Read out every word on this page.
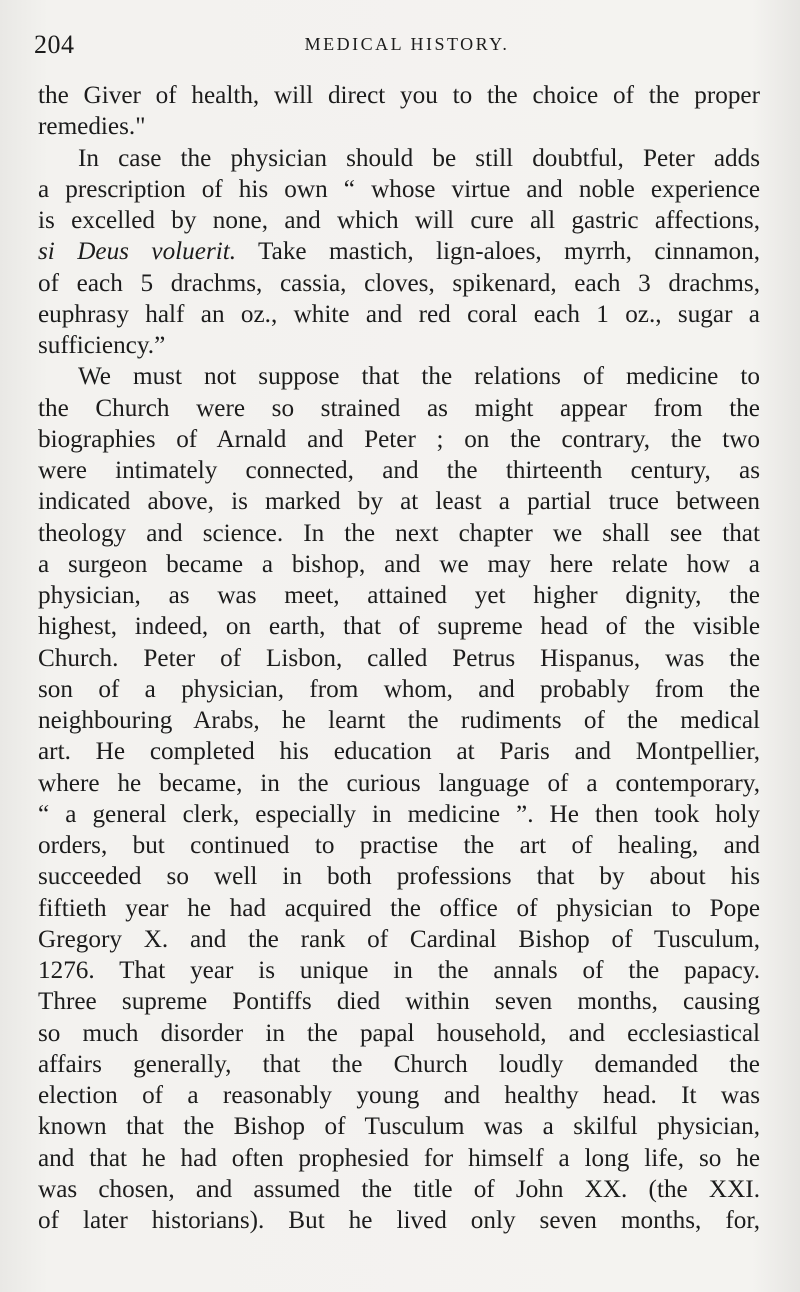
204	MEDICAL HISTORY.
the Giver of health, will direct you to the choice of the proper
remedies."
In case the physician should be still doubtful, Peter adds
a prescription of his own “ whose virtue and noble experience
is excelled by none, and which will cure all gastric affections,
si Deus voluerit. Take mastich, lign-aloes, myrrh, cinnamon,
of each 5 drachms, cassia, cloves, spikenard, each 3 drachms,
euphrasy half an oz., white and red coral each 1 oz., sugar a
sufficiency.”
We must not suppose that the relations of medicine to
the Church were so strained as might appear from the
biographies of Arnald and Peter ; on the contrary, the two
were intimately connected, and the thirteenth century, as
indicated above, is marked by at least a partial truce between
theology and science. In the next chapter we shall see that
a surgeon became a bishop, and we may here relate how a
physician, as was meet, attained yet higher dignity, the
highest, indeed, on earth, that of supreme head of the visible
Church. Peter of Lisbon, called Petrus Hispanus, was the
son of a physician, from whom, and probably from the
neighbouring Arabs, he learnt the rudiments of the medical
art. He completed his education at Paris and Montpellier,
where he became, in the curious language of a contemporary,
“ a general clerk, especially in medicine ”. He then took holy
orders, but continued to practise the art of healing, and
succeeded so well in both professions that by about his
fiftieth year he had acquired the office of physician to Pope
Gregory X. and the rank of Cardinal Bishop of Tusculum,
1276. That year is unique in the annals of the papacy.
Three supreme Pontiffs died within seven months, causing
so much disorder in the papal household, and ecclesiastical
affairs generally, that the Church loudly demanded the
election of a reasonably young and healthy head. It was
known that the Bishop of Tusculum was a skilful physician,
and that he had often prophesied for himself a long life, so he
was chosen, and assumed the title of John XX. (the XXI.
of later historians). But he lived only seven months, for,
